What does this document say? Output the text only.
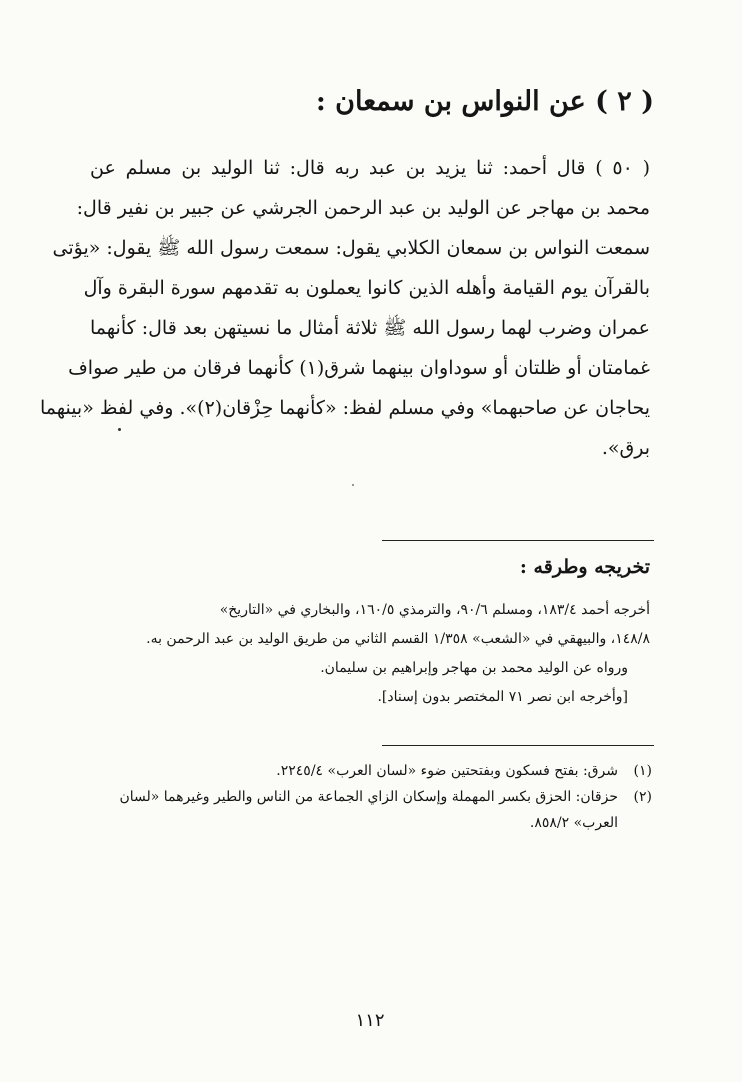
( ٢ ) عن النواس بن سمعان :
( ٥٠ ) قال أحمد: ثنا يزيد بن عبد ربه قال: ثنا الوليد بن مسلم عن
محمد بن مهاجر عن الوليد بن عبد الرحمن الجرشي عن جبير بن نفير قال:
سمعت النواس بن سمعان الكلابي يقول: سمعت رسول الله ﷺ يقول: «يؤتى
بالقرآن يوم القيامة وأهله الذين كانوا يعملون به تقدمهم سورة البقرة وآل
عمران وضرب لهما رسول الله ﷺ ثلاثة أمثال ما نسيتهن بعد قال: كأنهما
غمامتان أو ظلتان أو سوداوان بينهما شرق(١) كأنهما فرقان من طير صواف
يحاجان عن صاحبهما» وفي مسلم لفظ: «كأنهما حِزْقان(٢)». وفي لفظ «بينهما
برق».
تخريجه وطرقه :
أخرجه أحمد ١٨٣/٤، ومسلم ٩٠/٦، والترمذي ١٦٠/٥، والبخاري في «التاريخ»
١٤٨/٨، والبيهقي في «الشعب» ١/٣٥٨ القسم الثاني من طريق الوليد بن عبد الرحمن به.
ورواه عن الوليد محمد بن مهاجر وإبراهيم بن سليمان.
[وأخرجه ابن نصر ٧١ المختصر بدون إسناد].
(١)
شرق: بفتح فسكون وبفتحتين ضوء «لسان العرب» ٢٢٤٥/٤.
(٢)
حزقان: الحزق بكسر المهملة وإسكان الزاي الجماعة من الناس والطير وغيرهما «لسان
العرب» ٨٥٨/٢.
١١٢
